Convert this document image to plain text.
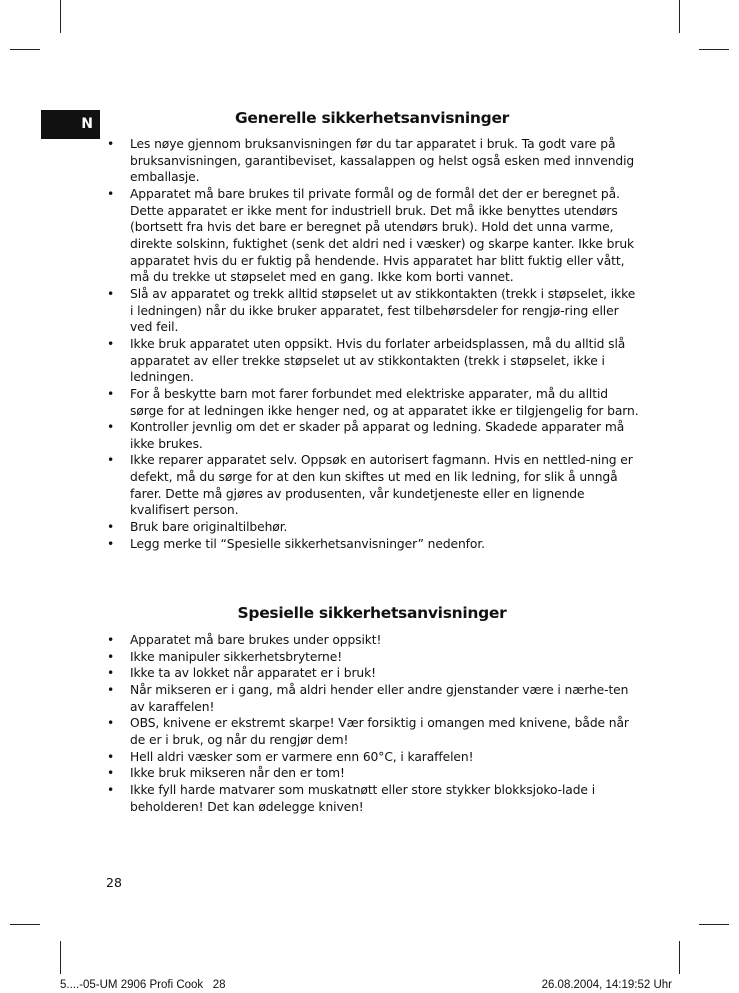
N	Generelle sikkerhetsanvisninger
• Les nøye gjennom bruksanvisningen før du tar apparatet i bruk. Ta godt vare på bruksanvisningen, garantibeviset, kassalappen og helst også esken med innvendig emballasje.
• Apparatet må bare brukes til private formål og de formål det der er beregnet på. Dette apparatet er ikke ment for industriell bruk. Det må ikke benyttes utendørs (bortsett fra hvis det bare er beregnet på utendørs bruk). Hold det unna varme, direkte solskinn, fuktighet (senk det aldri ned i væsker) og skarpe kanter. Ikke bruk apparatet hvis du er fuktig på hendende. Hvis apparatet har blitt fuktig eller vått, må du trekke ut støpselet med en gang. Ikke kom borti vannet.
• Slå av apparatet og trekk alltid støpselet ut av stikkontakten (trekk i støpselet, ikke i ledningen) når du ikke bruker apparatet, fest tilbehørsdeler for rengjø-ring eller ved feil.
• Ikke bruk apparatet uten oppsikt. Hvis du forlater arbeidsplassen, må du alltid slå apparatet av eller trekke støpselet ut av stikkontakten (trekk i støpselet, ikke i ledningen.
• For å beskytte barn mot farer forbundet med elektriske apparater, må du alltid sørge for at ledningen ikke henger ned, og at apparatet ikke er tilgjengelig for barn.
• Kontroller jevnlig om det er skader på apparat og ledning. Skadede apparater må ikke brukes.
• Ikke reparer apparatet selv. Oppsøk en autorisert fagmann. Hvis en nettled-ning er defekt, må du sørge for at den kun skiftes ut med en lik ledning, for slik å unngå farer. Dette må gjøres av produsenten, vår kundetjeneste eller en lignende kvalifisert person.
• Bruk bare originaltilbehør.
• Legg merke til “Spesielle sikkerhetsanvisninger” nedenfor.
Spesielle sikkerhetsanvisninger
• Apparatet må bare brukes under oppsikt!
• Ikke manipuler sikkerhetsbryterne!
• Ikke ta av lokket når apparatet er i bruk!
• Når mikseren er i gang, må aldri hender eller andre gjenstander være i nærhe-ten av karaffelen!
• OBS, knivene er ekstremt skarpe! Vær forsiktig i omangen med knivene, både når de er i bruk, og når du rengjør dem!
• Hell aldri væsker som er varmere enn 60°C, i karaffelen!
• Ikke bruk mikseren når den er tom!
• Ikke fyll harde matvarer som muskatnøtt eller store stykker blokksjoko-lade i beholderen! Det kan ødelegge kniven!
28
5....-05-UM 2906 Profi Cook   28	26.08.2004, 14:19:52 Uhr
